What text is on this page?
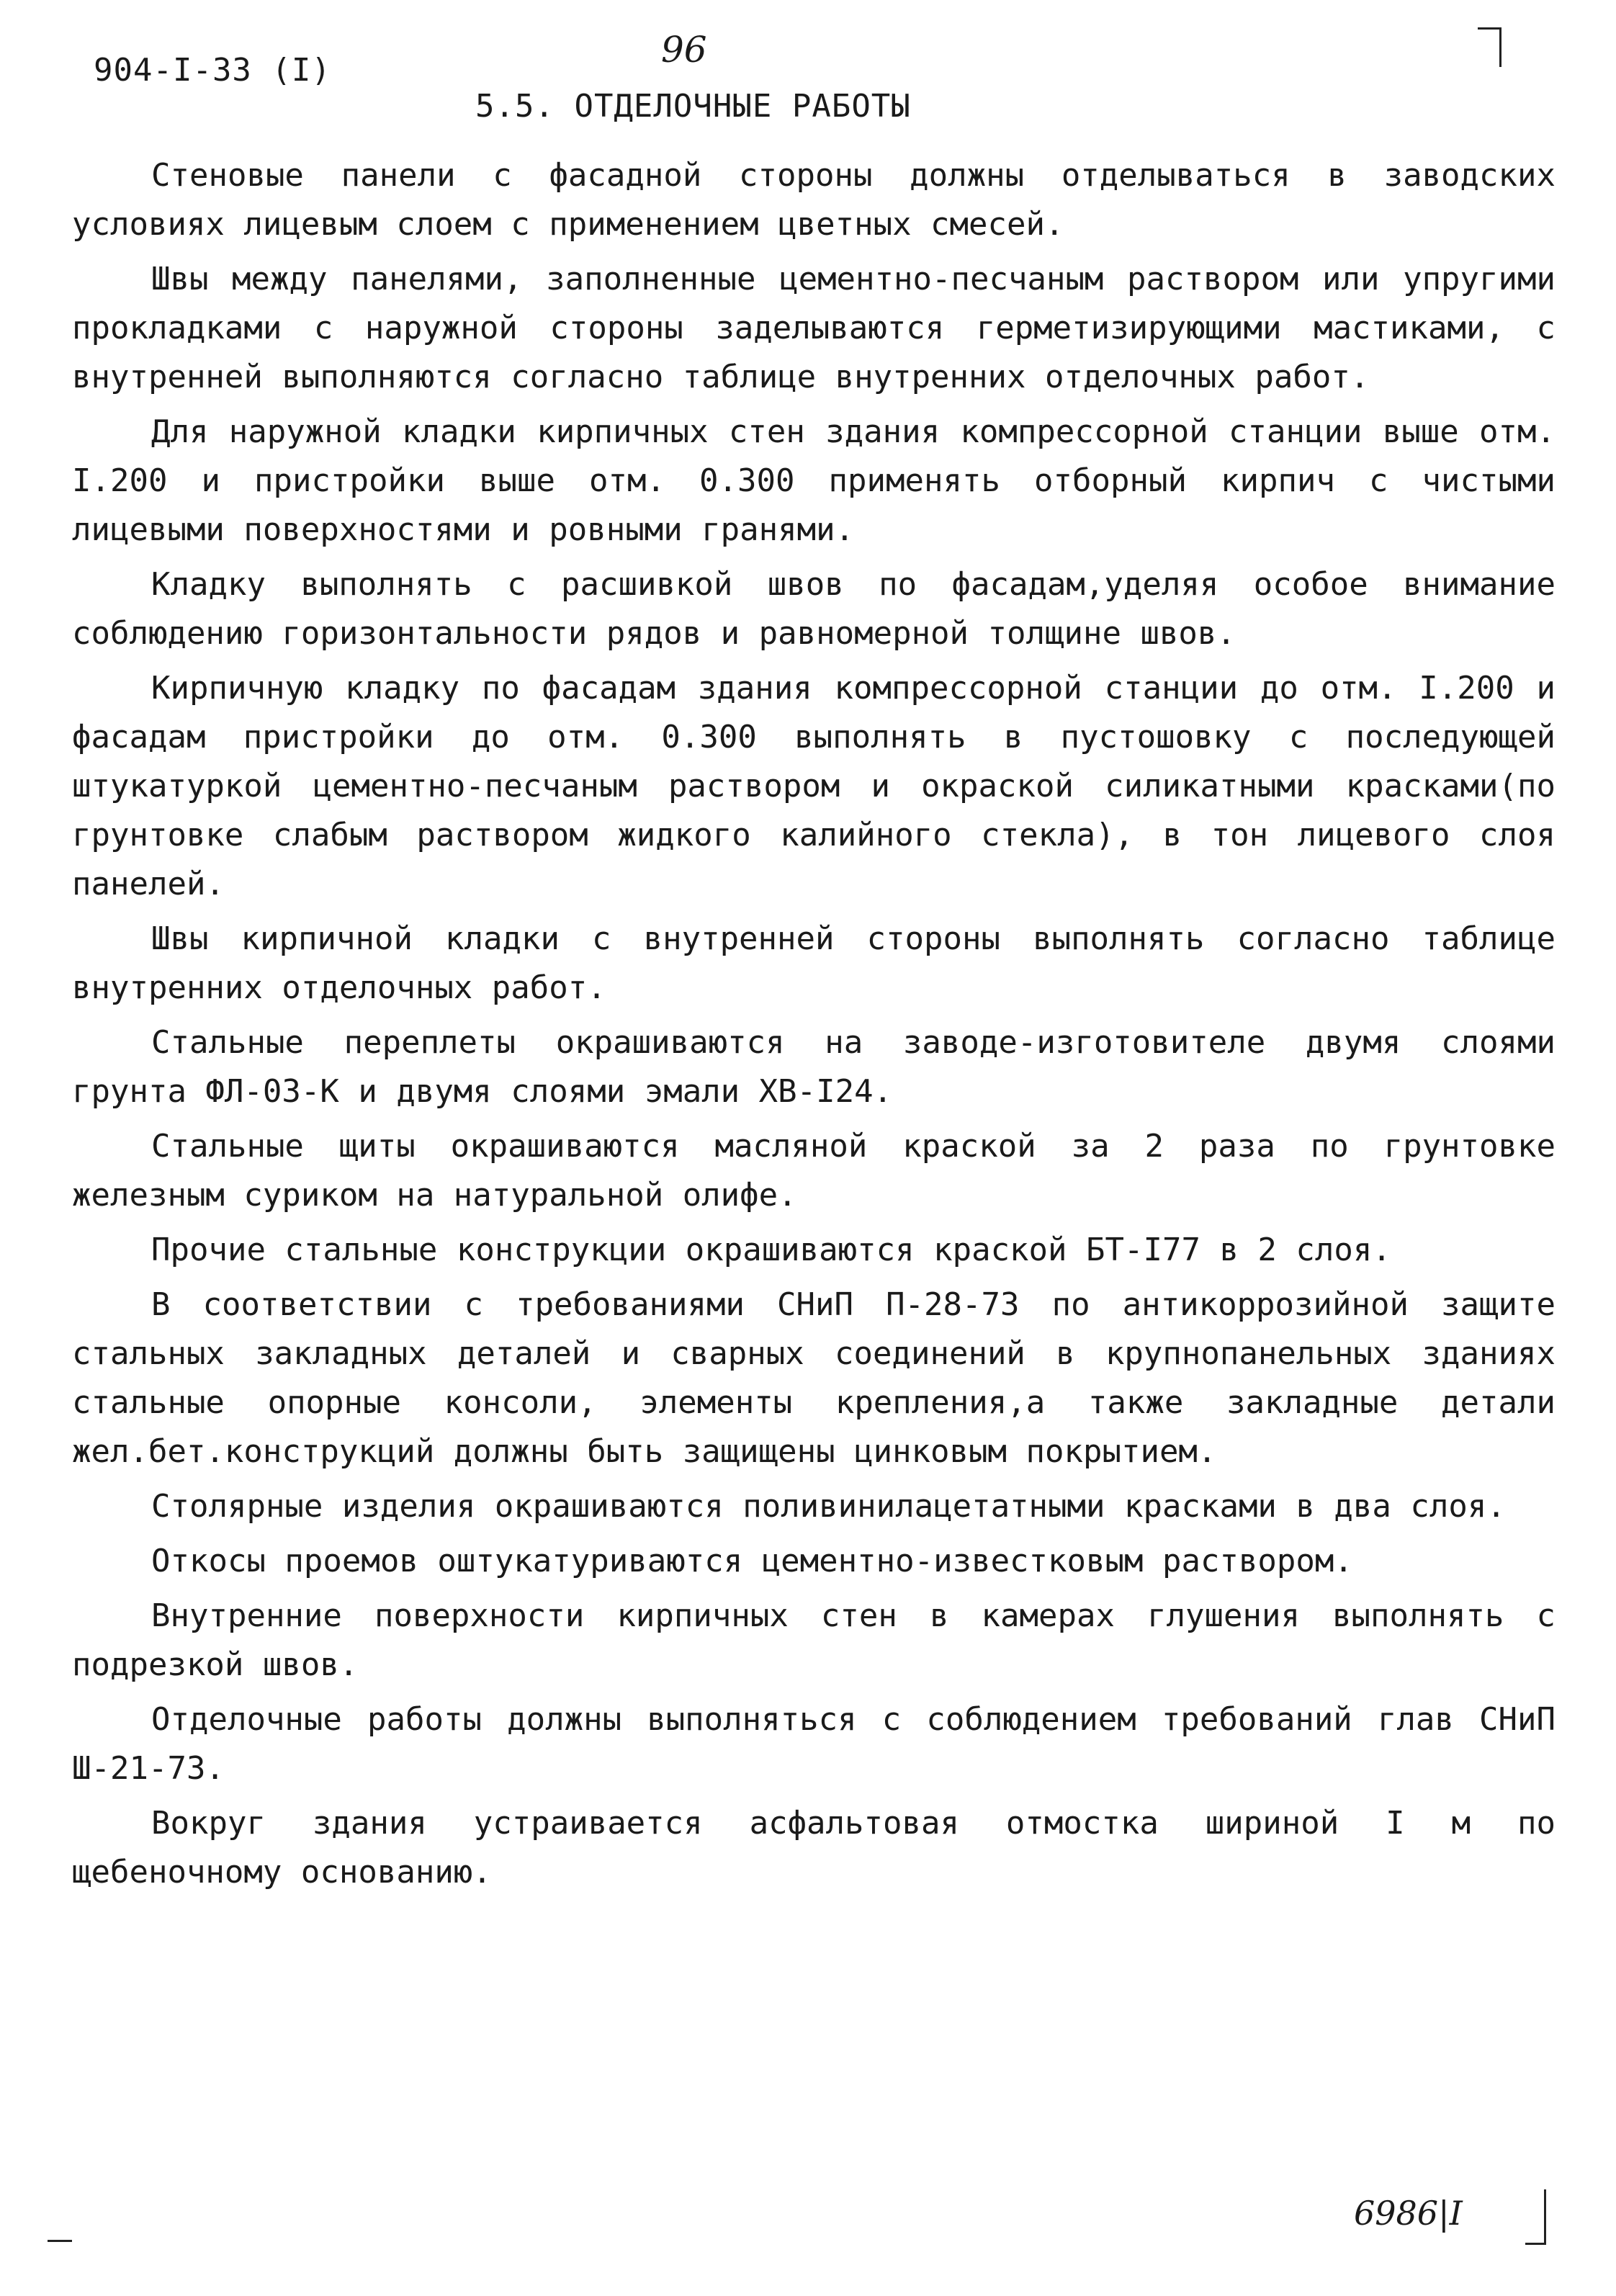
904-I-33 (I)	96
5.5. ОТДЕЛОЧНЫЕ РАБОТЫ

Стеновые панели с фасадной стороны должны отделываться в заводских условиях лицевым слоем с применением цветных смесей.

Швы между панелями, заполненные цементно-песчаным раствором или упругими прокладками с наружной стороны заделываются герметизирующими мастиками, с внутренней выполняются согласно таблице внутренних отделочных работ.

Для наружной кладки кирпичных стен здания компрессорной станции выше отм. I.200 и пристройки выше отм. 0.300 применять отборный кирпич с чистыми лицевыми поверхностями и ровными гранями.

Кладку выполнять с расшивкой швов по фасадам,уделяя особое внимание соблюдению горизонтальности рядов и равномерной толщине швов.

Кирпичную кладку по фасадам здания компрессорной станции до отм. I.200 и фасадам пристройки до отм. 0.300 выполнять в пустошовку с последующей штукатуркой цементно-песчаным раствором и окраской силикатными красками(по грунтовке слабым раствором жидкого калийного стекла), в тон лицевого слоя панелей.

Швы кирпичной кладки с внутренней стороны выполнять согласно таблице внутренних отделочных работ.

Стальные переплеты окрашиваются на заводе-изготовителе двумя слоями грунта ФЛ-03-К и двумя слоями эмали ХВ-I24.

Стальные щиты окрашиваются масляной краской за 2 раза по грунтовке железным суриком на натуральной олифе.

Прочие стальные конструкции окрашиваются краской БТ-I77 в 2 слоя.

В соответствии с требованиями СНиП П-28-73 по антикоррозийной защите стальных закладных деталей и сварных соединений в крупнопанельных зданиях стальные опорные консоли, элементы крепления,а также закладные детали жел.бет.конструкций должны быть защищены цинковым покрытием.

Столярные изделия окрашиваются поливинилацетатными красками в два слоя.

Откосы проемов оштукатуриваются цементно-известковым раствором.

Внутренние поверхности кирпичных стен в камерах глушения выполнять с подрезкой швов.

Отделочные работы должны выполняться с соблюдением требований глав СНиП Ш-21-73.

Вокруг здания устраивается асфальтовая отмостка шириной I м по щебеночному основанию.

6986|I
